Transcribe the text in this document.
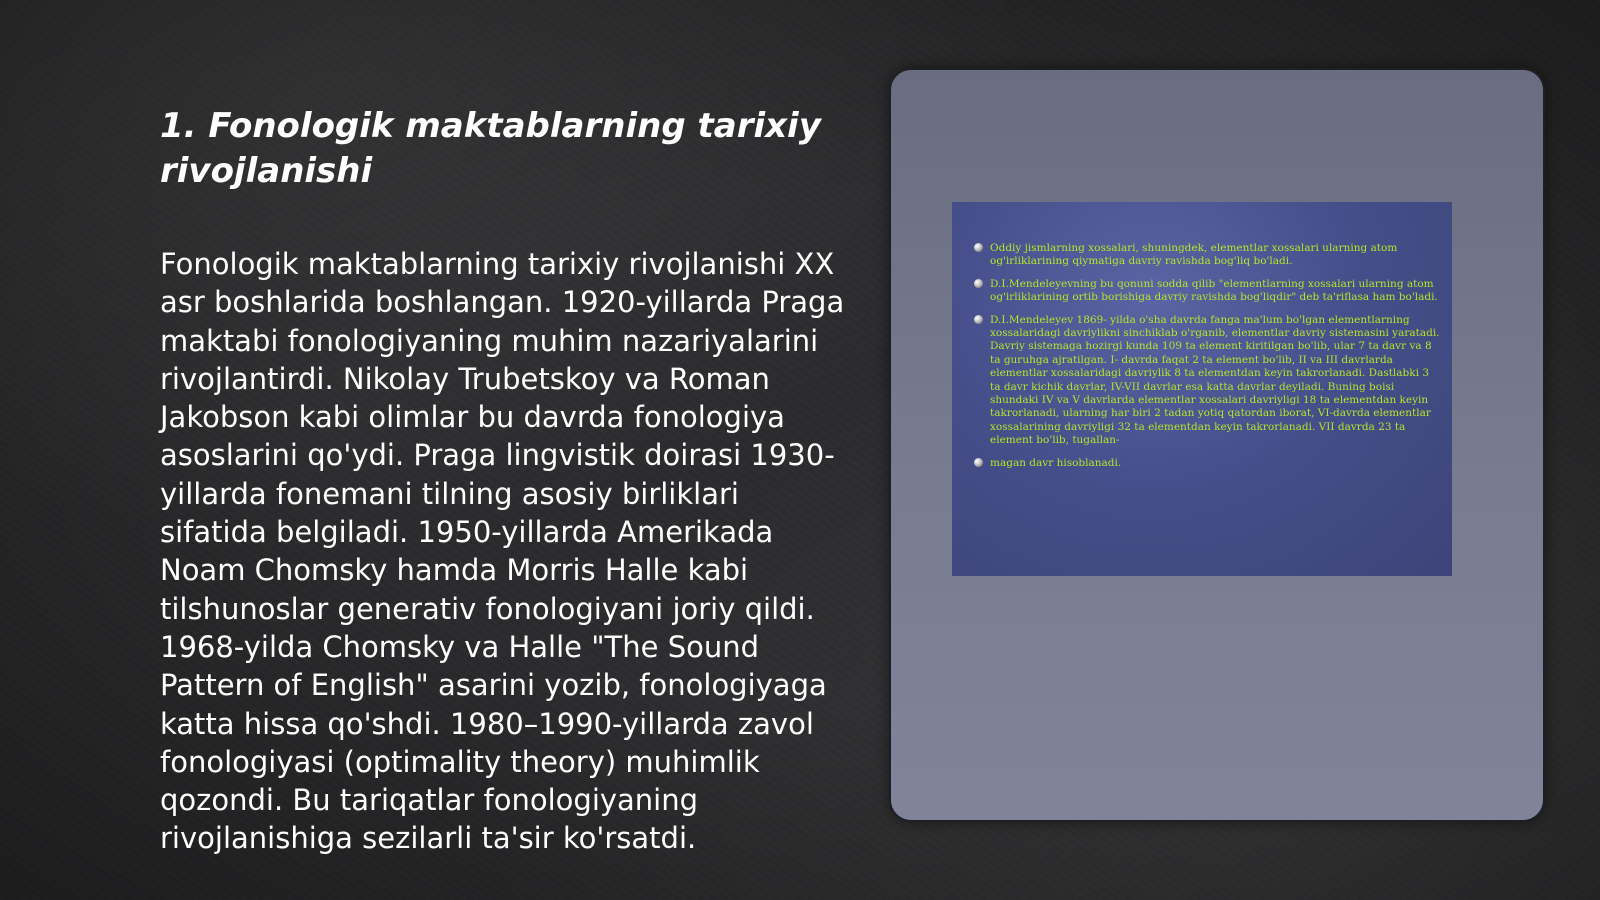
1. Fonologik maktablarning tarixiy rivojlanishi

Fonologik maktablarning tarixiy rivojlanishi XX asr boshlarida boshlangan. 1920-yillarda Praga maktabi fonologiyaning muhim nazariyalarini rivojlantirdi. Nikolay Trubetskoy va Roman Jakobson kabi olimlar bu davrda fonologiya asoslarini qo'ydi. Praga lingvistik doirasi 1930-yillarda fonemani tilning asosiy birliklari sifatida belgiladi. 1950-yillarda Amerikada Noam Chomsky hamda Morris Halle kabi tilshunoslar generativ fonologiyani joriy qildi. 1968-yilda Chomsky va Halle "The Sound Pattern of English" asarini yozib, fonologiyaga katta hissa qo'shdi. 1980–1990-yillarda zavol fonologiyasi (optimality theory) muhimlik qozondi. Bu tariqatlar fonologiyaning rivojlanishiga sezilarli ta'sir ko'rsatdi.

Oddiy jismlarning xossalari, shuningdek, elementlar xossalari ularning atom og'irliklarining qiymatiga davriy ravishda bog'liq bo'ladi.
D.I.Mendeleyevning bu qonuni sodda qilib "elementlarning xossalari ularning atom og'irliklarining ortib borishiga davriy ravishda bog'liqdir" deb ta'riflasa ham bo'ladi.
D.I.Mendeleyev 1869- yilda o'sha davrda fanga ma'lum bo'lgan elementlarning xossalaridagi davriylikni sinchiklab o'rganib, elementlar davriy sistemasini yaratadi. Davriy sistemaga hozirgi kunda 109 ta element kiritilgan bo'lib, ular 7 ta davr va 8 ta guruhga ajratilgan. I- davrda faqat 2 ta element bo'lib, II va III davrlarda elementlar xossalaridagi davriylik 8 ta elementdan keyin takrorlanadi. Dastlabki 3 ta davr kichik davrlar, IV-VII davrlar esa katta davrlar deyiladi. Buning boisi shundaki IV va V davrlarda elementlar xossalari davriyligi 18 ta elementdan keyin takrorlanadi, ularning har biri 2 tadan yotiq qatordan iborat, VI-davrda elementlar xossalarining davriyligi 32 ta elementdan keyin takrorlanadi. VII davrda 23 ta element bo'lib, tugallan-
magan davr hisoblanadi.
